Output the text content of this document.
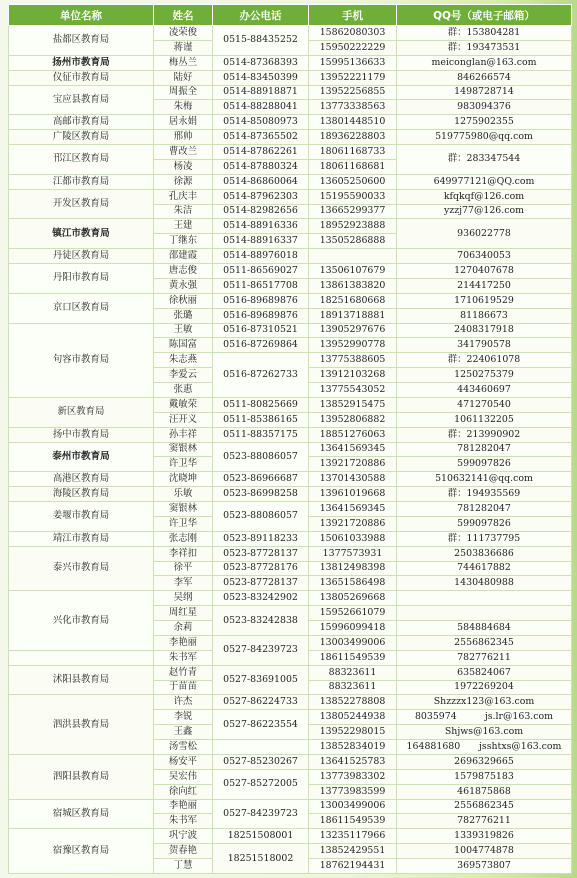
单位名称	姓名	办公电话	手机	QQ号（或电子邮箱）
盐都区教育局	凌荣俊	0515-88435252	15862080303	群：153804281
	蒋谨		15950222229	群：193473531
扬州市教育局	梅丛兰	0514-87368393	15995136633	meiconglan@163.com
仪征市教育局	陆好	0514-83450399	13952221179	846266574
宝应县教育局	周振全	0514-88918871	13952256855	1498728714
	朱梅	0514-88288041	13773338563	983094376
高邮市教育局	居永娟	0514-85080973	13801448510	1275902355
广陵区教育局	邢帅	0514-87365502	18936228803	519775980@qq.com
邗江区教育局	曹改兰	0514-87862261	18061168733	群：283347544
	杨凌	0514-87880324	18061168681	
江都市教育局	徐源	0514-86860064	13605250600	649977121@QQ.com
开发区教育局	孔庆丰	0514-87962303	15195590033	kfqkqf@126.com
	朱洁	0514-82982656	13665299377	yzzj77@126.com
镇江市教育局	王建	0514-88916336	18952923888	936022778
	丁继东	0514-88916337	13505286888	
丹徒区教育局	邵建霞	0514-88976018		706340053
丹阳市教育局	唐志俊	0511-86569027	13506107679	1270407678
	黄永强	0511-86517708	13861383820	214417250
京口区教育局	徐秋丽	0516-89689876	18251680668	1710619529
	张璐	0516-89689876	18913718881	81186673
句容市教育局	王敏	0516-87310521	13905297676	2408317918
	陈国富	0516-87269864	13952990778	341790578
	朱志燕	0516-87262733	13775388605	群：224061078
	李爱云		13912103268	1250275379
	张惠		13775543052	443460697
新区教育局	戴敏荣	0511-80825669	13852915475	471270540
	汪开义	0511-85386165	13952806882	1061132205
扬中市教育局	孙丰祥	0511-88357175	18851276063	群：213990902
泰州市教育局	窦银林	0523-88086057	13641569345	781282047
	许卫华		13921720886	599097826
高港区教育局	沈晓坤	0523-86966687	13701430588	510632141@qq.com
海陵区教育局	乐敏	0523-86998258	13961019668	群：194935569
姜堰市教育局	窦银林	0523-88086057	13641569345	781282047
	许卫华		13921720886	599097826
靖江市教育局	张志刚	0523-89118233	15061033988	群：111737795
泰兴市教育局	李祥扣	0523-87728137	1377573931	2503836686
	徐平	0523-87728176	13812498398	744617882
	李军	0523-87728137	13651586498	1430480988
兴化市教育局	吴纲	0523-83242902	13805269668	
	周红星	0523-83242838	15952661079	
	余莉		15996099418	584884684
	李艳丽	0527-84239723	13003499006	2556862345
	朱书军		18611549539	782776211
沭阳县教育局	赵竹青	0527-83691005	88323611	635824067
	于苗苗		88323611	1972269204
泗洪县教育局	许杰	0527-86224733	13852278808	Shzzzx123@163.com
	李锐	0527-86223554	13805244938	8035974　　　js.lr@163.com
	王鑫		13952298015	Shjws@163.com
	汤雪松		13852834019	164881680　　jsshtxs@163.com
泗阳县教育局	杨安平	0527-85230267	13641525783	2696329665
	吴宏伟	0527-85272005	13773983302	1579875183
	徐向红		13773983599	461875868
宿城区教育局	李艳丽	0527-84239723	13003499006	2556862345
	朱书军		18611549539	782776211
宿豫区教育局	巩宁波	18251508001	13235117966	1339319826
	贺春艳	18251518002	13852429551	1004774878
	丁慧		18762194431	369573807
